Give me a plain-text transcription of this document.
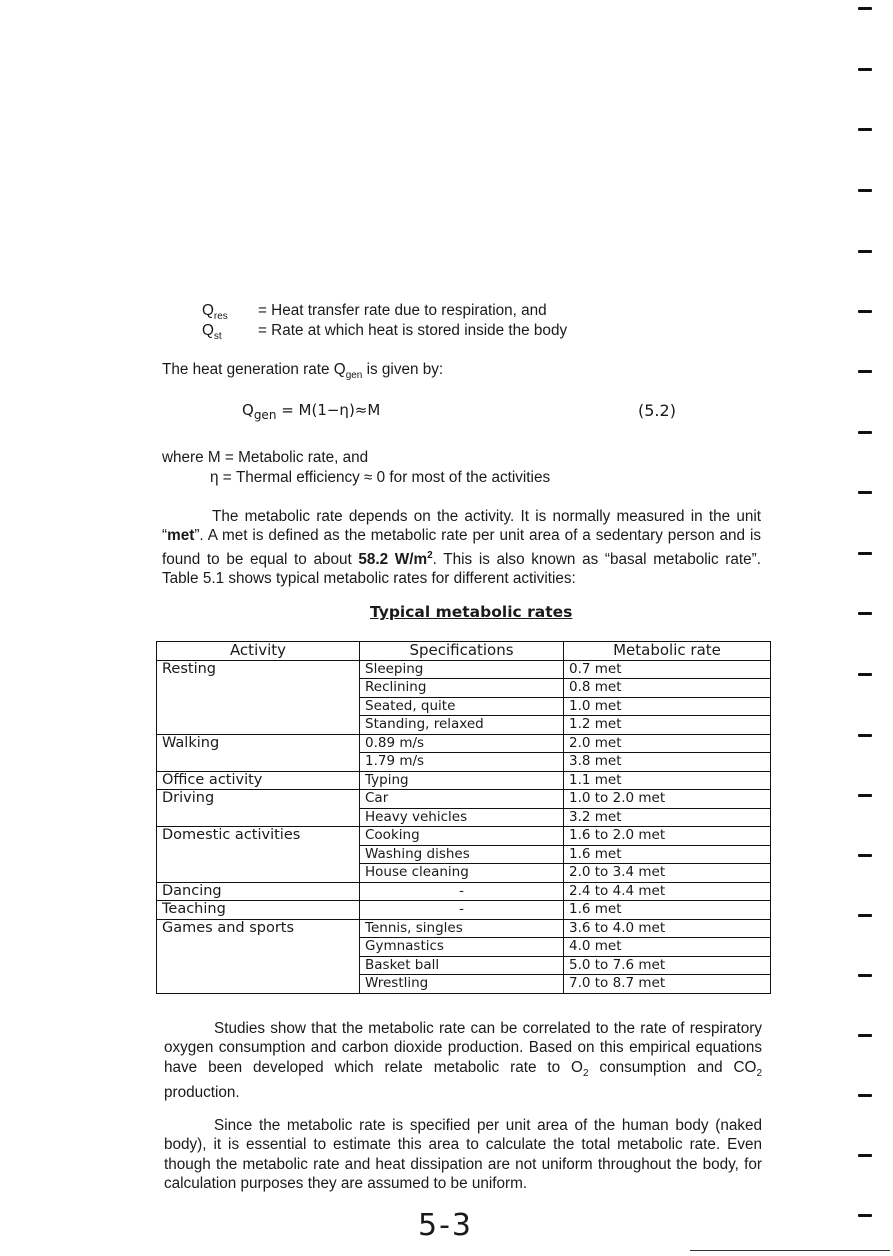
$Q_{res}$ = Heat transfer rate due to respiration, and
$Q_{st}$ = Rate at which heat is stored inside the body
The heat generation rate $Q_{gen}$ is given by:
$Q_{gen} = M(1-\eta)\approx M$	(5.2)
where M = Metabolic rate, and
η = Thermal efficiency ≈ 0 for most of the activities
The metabolic rate depends on the activity. It is normally measured in the unit “met”. A met is defined as the metabolic rate per unit area of a sedentary person and is found to be equal to about 58.2 $W/m^2$. This is also known as “basal metabolic rate”. Table 5.1 shows typical metabolic rates for different activities:
Typical metabolic rates
Activity	Specifications	Metabolic rate
Resting	Sleeping	0.7 met
	Reclining	0.8 met
	Seated, quite	1.0 met
	Standing, relaxed	1.2 met
Walking	0.89 m/s	2.0 met
	1.79 m/s	3.8 met
Office activity	Typing	1.1 met
Driving	Car	1.0 to 2.0 met
	Heavy vehicles	3.2 met
Domestic activities	Cooking	1.6 to 2.0 met
	Washing dishes	1.6 met
	House cleaning	2.0 to 3.4 met
Dancing	-	2.4 to 4.4 met
Teaching	-	1.6 met
Games and sports	Tennis, singles	3.6 to 4.0 met
	Gymnastics	4.0 met
	Basket ball	5.0 to 7.6 met
	Wrestling	7.0 to 8.7 met
Studies show that the metabolic rate can be correlated to the rate of respiratory oxygen consumption and carbon dioxide production. Based on this empirical equations have been developed which relate metabolic rate to $O_2$ consumption and $CO_2$ production.
Since the metabolic rate is specified per unit area of the human body (naked body), it is essential to estimate this area to calculate the total metabolic rate. Even though the metabolic rate and heat dissipation are not uniform throughout the body, for calculation purposes they are assumed to be uniform.
5-3
